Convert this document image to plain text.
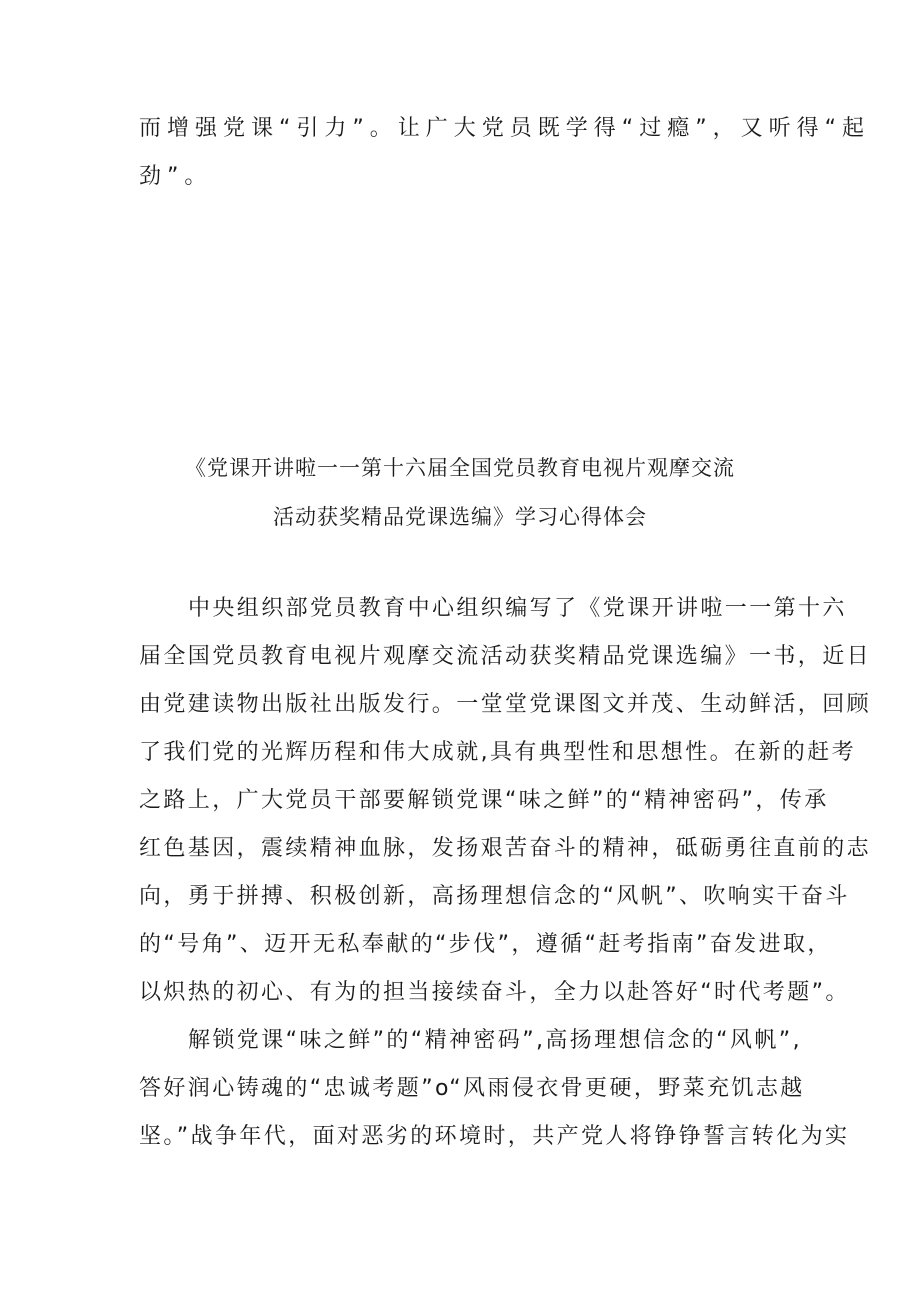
而增强党课“引力”。让广大党员既学得“过瘾”，又听得“起
劲”。
《党课开讲啦一一第十六届全国党员教育电视片观摩交流
活动获奖精品党课选编》学习心得体会
中央组织部党员教育中心组织编写了《党课开讲啦一一第十六
届全国党员教育电视片观摩交流活动获奖精品党课选编》一书，近日
由党建读物出版社出版发行。一堂堂党课图文并茂、生动鲜活，回顾
了我们党的光辉历程和伟大成就,具有典型性和思想性。在新的赶考
之路上，广大党员干部要解锁党课“味之鲜”的“精神密码”，传承
红色基因，震续精神血脉，发扬艰苦奋斗的精神，砥砺勇往直前的志
向，勇于拼搏、积极创新，高扬理想信念的“风帆”、吹响实干奋斗
的“号角”、迈开无私奉献的“步伐”，遵循“赶考指南”奋发进取，
以炽热的初心、有为的担当接续奋斗，全力以赴答好“时代考题”。
解锁党课“味之鲜”的“精神密码”,高扬理想信念的“风帆”,
答好润心铸魂的“忠诚考题”o“风雨侵衣骨更硬，野菜充饥志越
坚。”战争年代，面对恶劣的环境时，共产党人将铮铮誓言转化为实
